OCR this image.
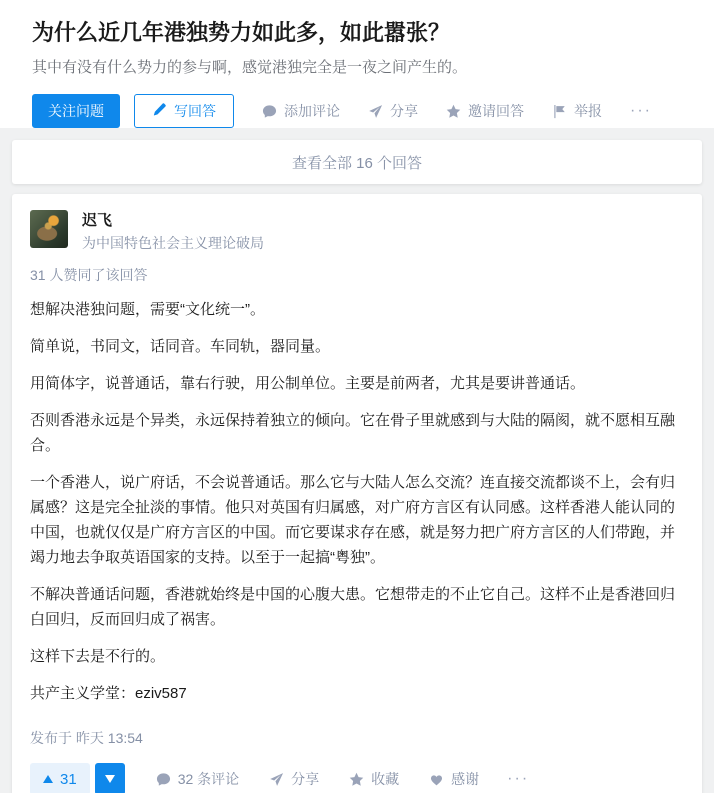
为什么近几年港独势力如此多，如此嚣张？
其中有没有什么势力的参与啊，感觉港独完全是一夜之间产生的。
关注问题	写回答	添加评论	分享	邀请回答	举报 ···
查看全部 16 个回答
迟飞
为中国特色社会主义理论破局
31 人赞同了该回答

想解决港独问题，需要“文化统一”。

简单说，书同文，话同音。车同轨，器同量。

用简体字，说普通话，靠右行驶，用公制单位。主要是前两者，尤其是要讲普通话。

否则香港永远是个异类，永远保持着独立的倾向。它在骨子里就感到与大陆的隔阂，就不愿相互融合。

一个香港人，说广府话，不会说普通话。那么它与大陆人怎么交流？连直接交流都谈不上，会有归属感？这是完全扯淡的事情。他只对英国有归属感，对广府方言区有认同感。这样香港人能认同的中国，也就仅仅是广府方言区的中国。而它要谋求存在感，就是努力把广府方言区的人们带跑，并竭力地去争取英语国家的支持。以至于一起搞“粤独”。

不解决普通话问题，香港就始终是中国的心腹大患。它想带走的不止它自己。这样不止是香港回归白回归，反而回归成了祸害。

这样下去是不行的。

共产主义学堂：eziv587

发布于 昨天 13:54
31	32 条评论	分享	收藏	感谢 ···
